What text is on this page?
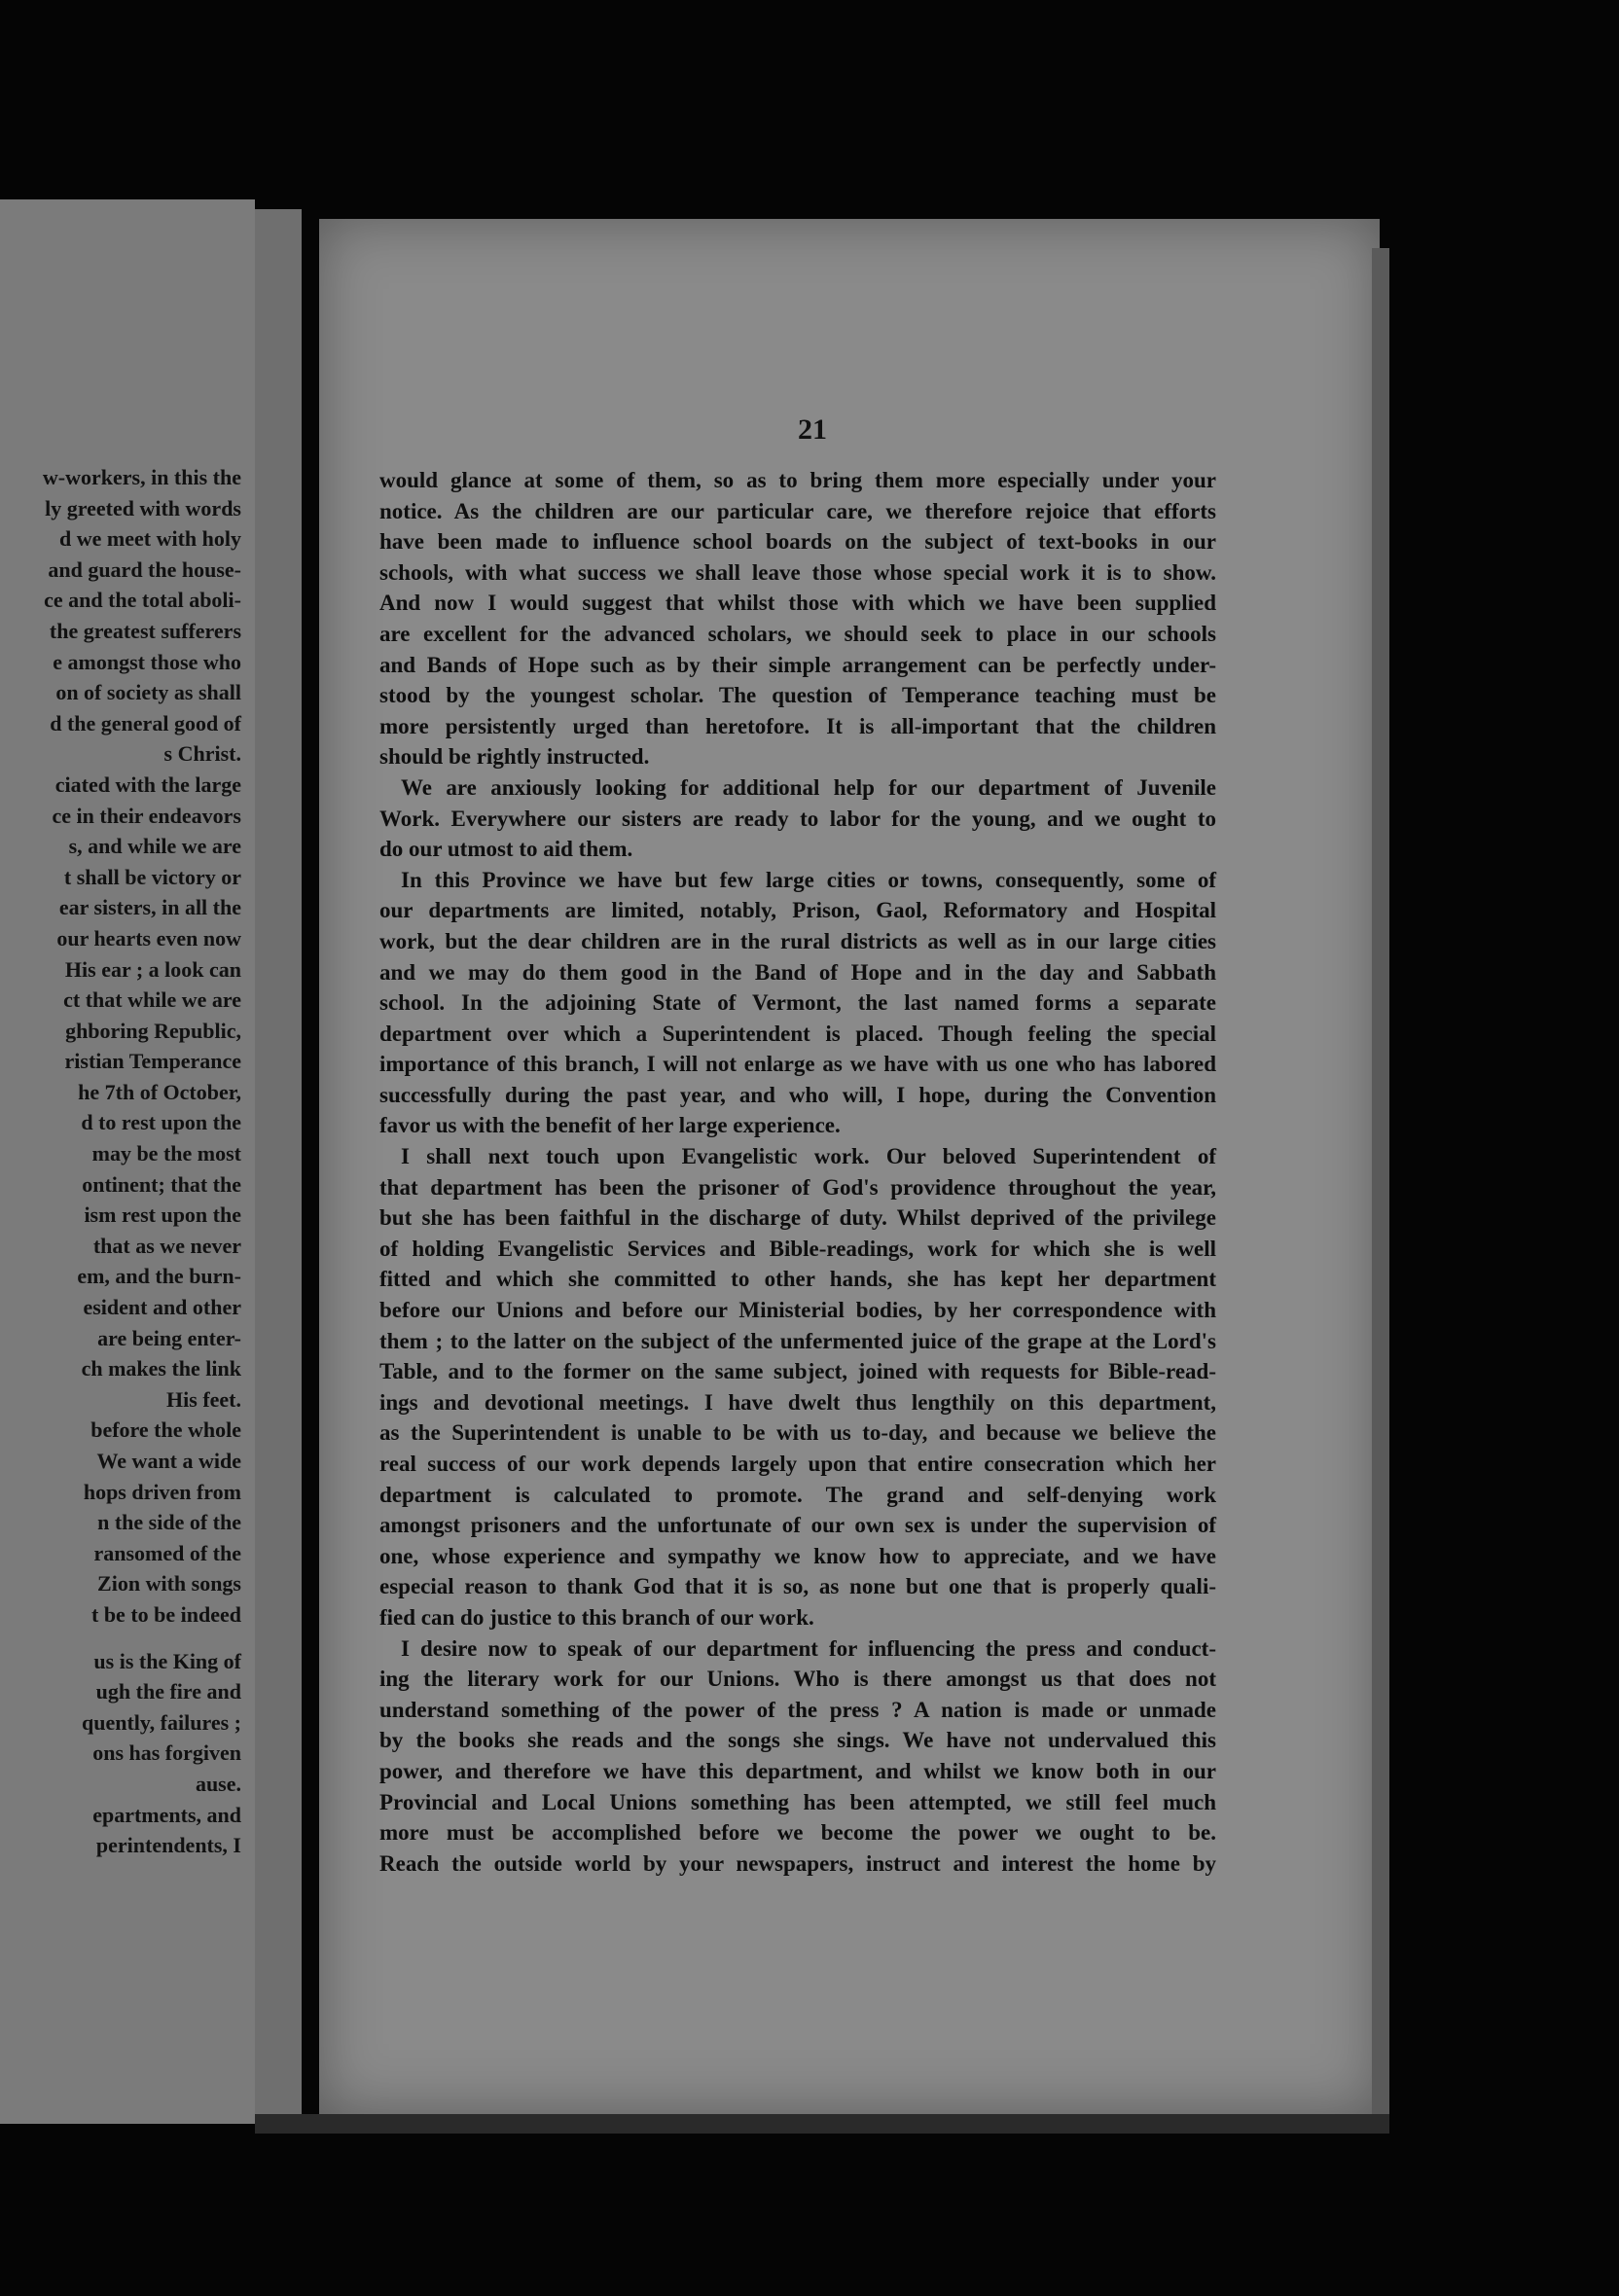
w-workers, in this the
ly greeted with words
d we meet with holy
and guard the house-
ce and the total aboli-
the greatest sufferers
e amongst those who
on of society as shall
d the general good of
s Christ.
ciated with the large
ce in their endeavors
s, and while we are
t shall be victory or
ear sisters, in all the
our hearts even now
His ear ; a look can
ct that while we are
ghboring Republic,
ristian Temperance
he 7th of October,
d to rest upon the
may be the most
ontinent; that the
ism rest upon the
that as we never
em, and the burn-
esident and other
are being enter-
ch makes the link
His feet.
before the whole
We want a wide
hops driven from
n the side of the
ransomed of the
Zion with songs
t be to be indeed
us is the King of
ugh the fire and
quently, failures ;
ons has forgiven
ause.
epartments, and
perintendents, I
21
would glance at some of them, so as to bring them more especially under your
notice. As the children are our particular care, we therefore rejoice that efforts
have been made to influence school boards on the subject of text-books in our
schools, with what success we shall leave those whose special work it is to show.
And now I would suggest that whilst those with which we have been supplied
are excellent for the advanced scholars, we should seek to place in our schools
and Bands of Hope such as by their simple arrangement can be perfectly under-
stood by the youngest scholar. The question of Temperance teaching must be
more persistently urged than heretofore. It is all-important that the children
should be rightly instructed.
We are anxiously looking for additional help for our department of Juvenile
Work. Everywhere our sisters are ready to labor for the young, and we ought to
do our utmost to aid them.
In this Province we have but few large cities or towns, consequently, some of
our departments are limited, notably, Prison, Gaol, Reformatory and Hospital
work, but the dear children are in the rural districts as well as in our large cities
and we may do them good in the Band of Hope and in the day and Sabbath
school. In the adjoining State of Vermont, the last named forms a separate
department over which a Superintendent is placed. Though feeling the special
importance of this branch, I will not enlarge as we have with us one who has labored
successfully during the past year, and who will, I hope, during the Convention
favor us with the benefit of her large experience.
I shall next touch upon Evangelistic work. Our beloved Superintendent of
that department has been the prisoner of God's providence throughout the year,
but she has been faithful in the discharge of duty. Whilst deprived of the privilege
of holding Evangelistic Services and Bible-readings, work for which she is well
fitted and which she committed to other hands, she has kept her department
before our Unions and before our Ministerial bodies, by her correspondence with
them ; to the latter on the subject of the unfermented juice of the grape at the Lord's
Table, and to the former on the same subject, joined with requests for Bible-read-
ings and devotional meetings. I have dwelt thus lengthily on this department,
as the Superintendent is unable to be with us to-day, and because we believe the
real success of our work depends largely upon that entire consecration which her
department is calculated to promote. The grand and self-denying work
amongst prisoners and the unfortunate of our own sex is under the supervision of
one, whose experience and sympathy we know how to appreciate, and we have
especial reason to thank God that it is so, as none but one that is properly quali-
fied can do justice to this branch of our work.
I desire now to speak of our department for influencing the press and conduct-
ing the literary work for our Unions. Who is there amongst us that does not
understand something of the power of the press ? A nation is made or unmade
by the books she reads and the songs she sings. We have not undervalued this
power, and therefore we have this department, and whilst we know both in our
Provincial and Local Unions something has been attempted, we still feel much
more must be accomplished before we become the power we ought to be.
Reach the outside world by your newspapers, instruct and interest the home by
